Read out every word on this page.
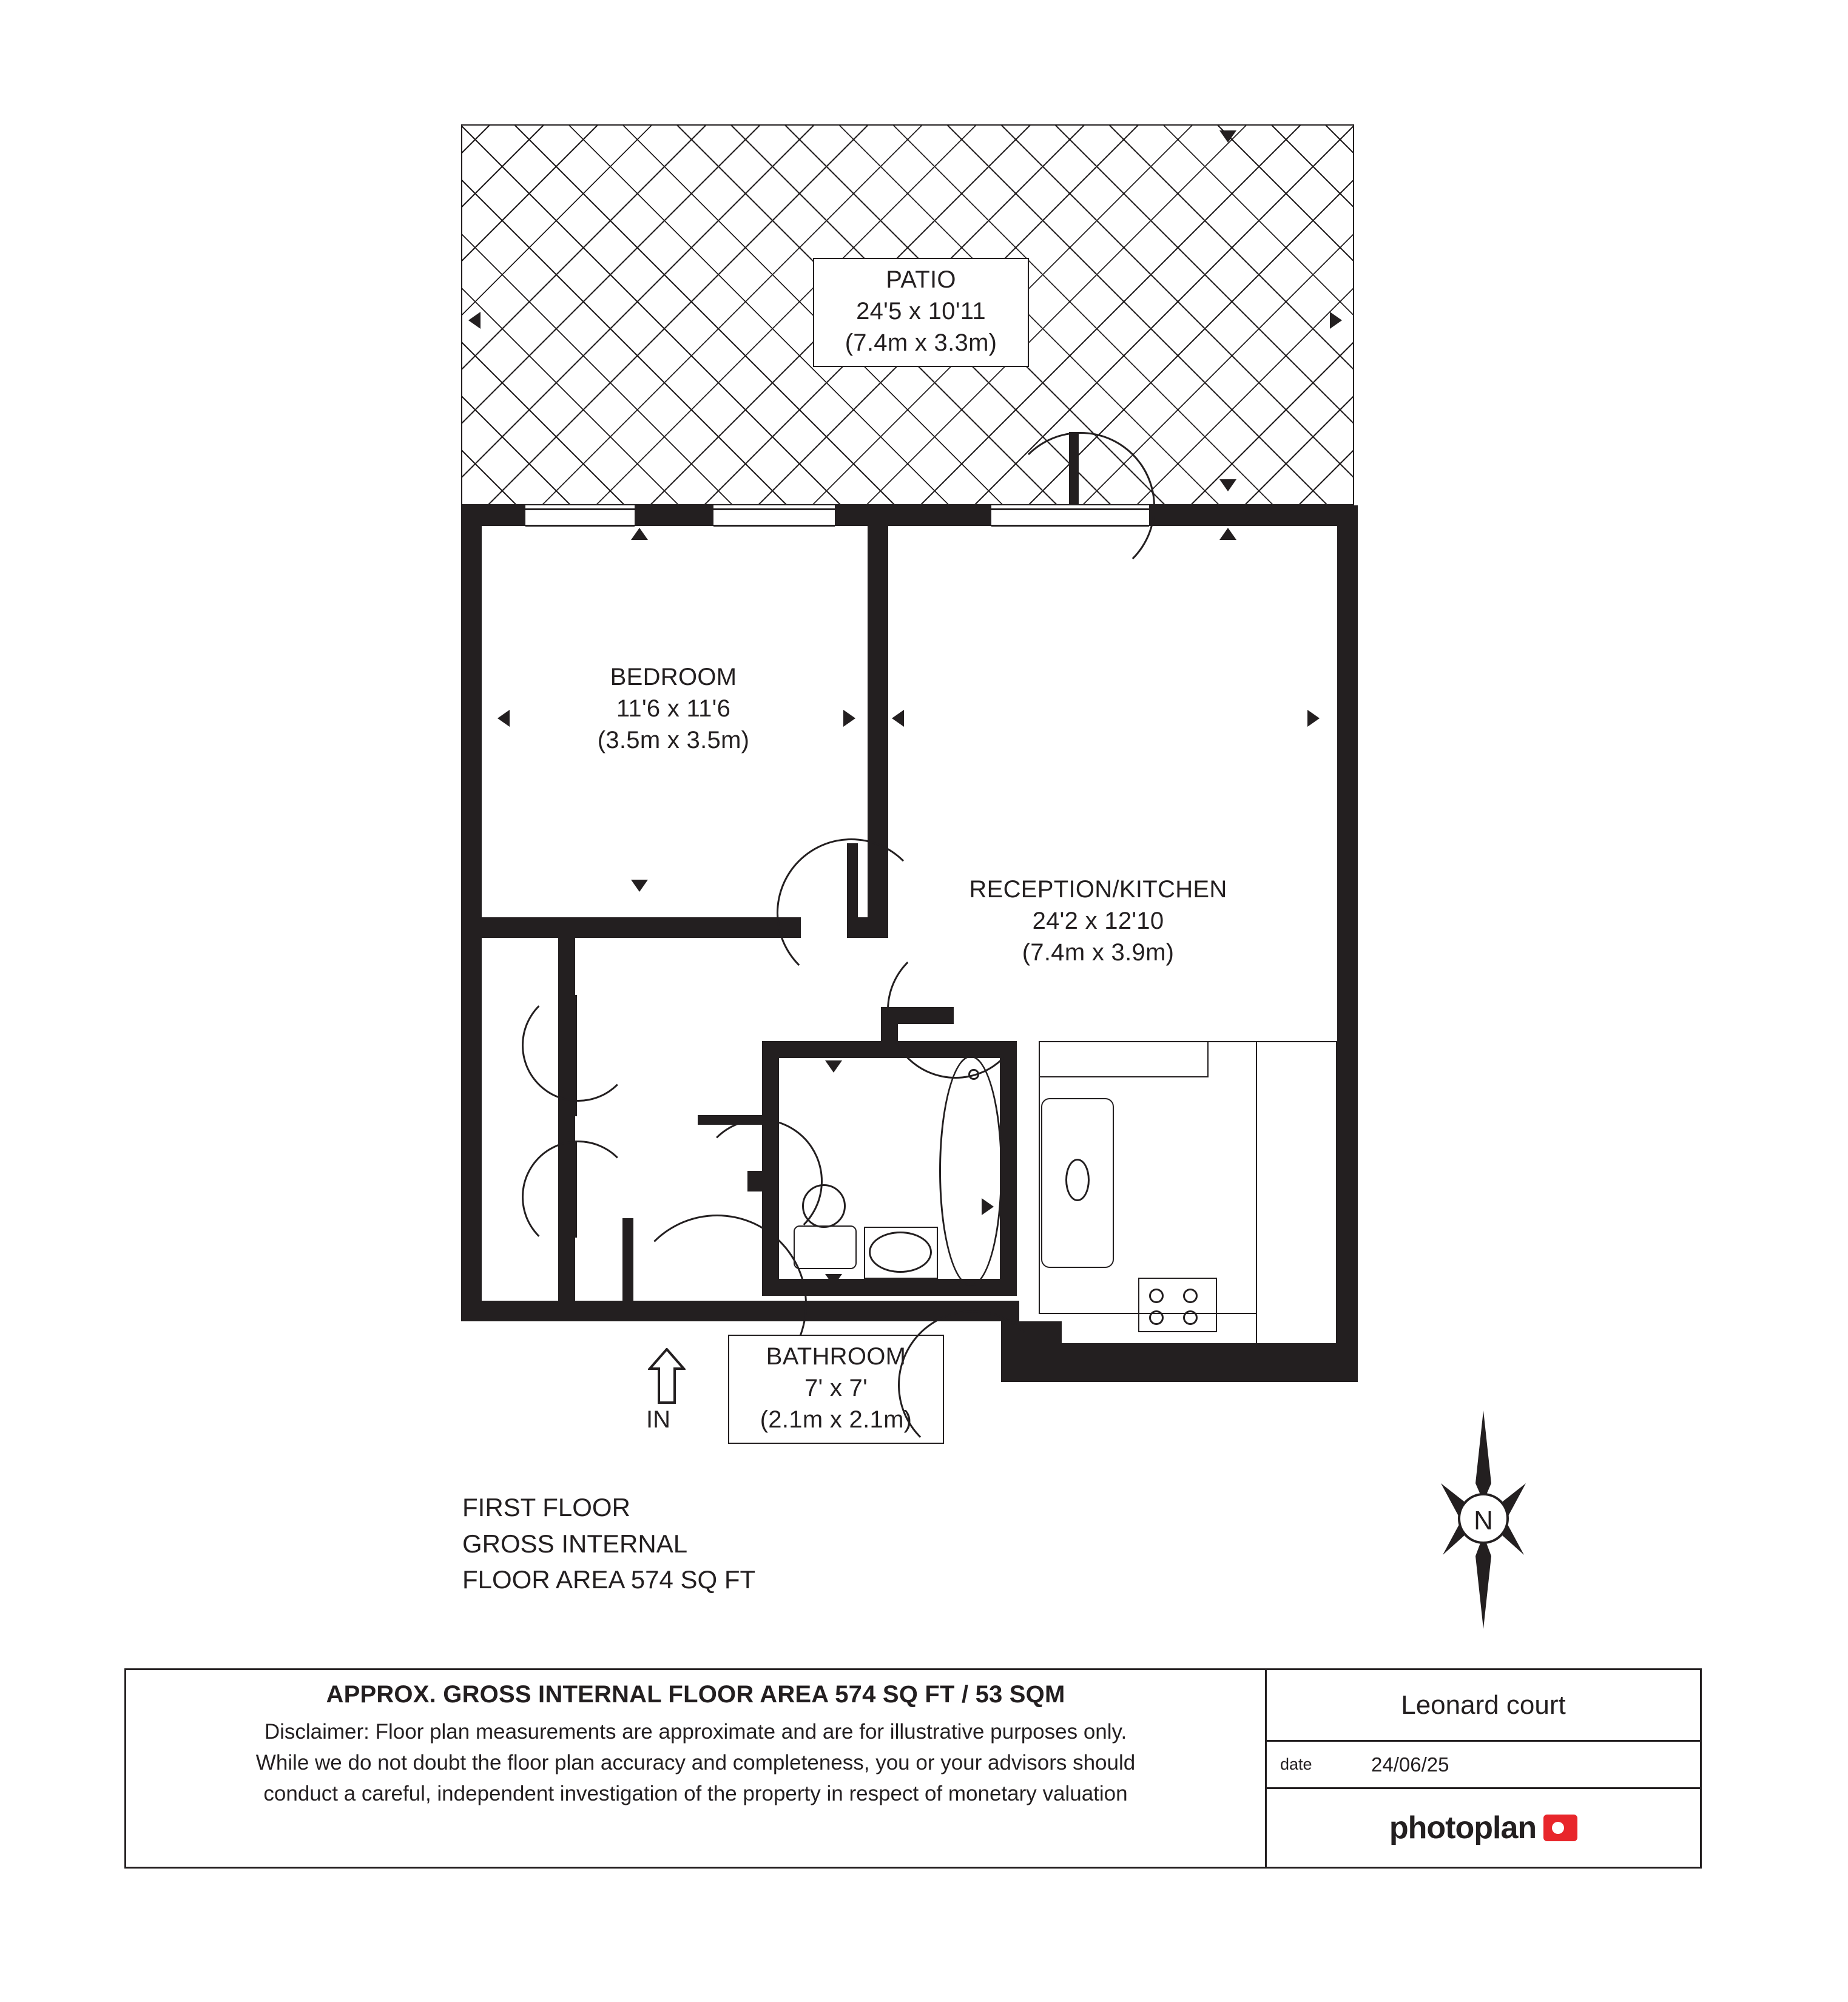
PATIO
24'5 x 10'11
(7.4m x 3.3m)
BEDROOM
11'6 x 11'6
(3.5m x 3.5m)
RECEPTION/KITCHEN
24'2 x 12'10
(7.4m x 3.9m)
BATHROOM
7' x 7'
(2.1m x 2.1m)
IN
FIRST FLOOR
GROSS INTERNAL
FLOOR AREA 574 SQ FT
N
APPROX. GROSS INTERNAL FLOOR AREA 574 SQ FT / 53 SQM
Disclaimer: Floor plan measurements are approximate and are for illustrative purposes only.
While we do not doubt the floor plan accuracy and completeness, you or your advisors should
conduct a careful, independent investigation of the property in respect of monetary valuation
Leonard court
date	24/06/25
photoplan
